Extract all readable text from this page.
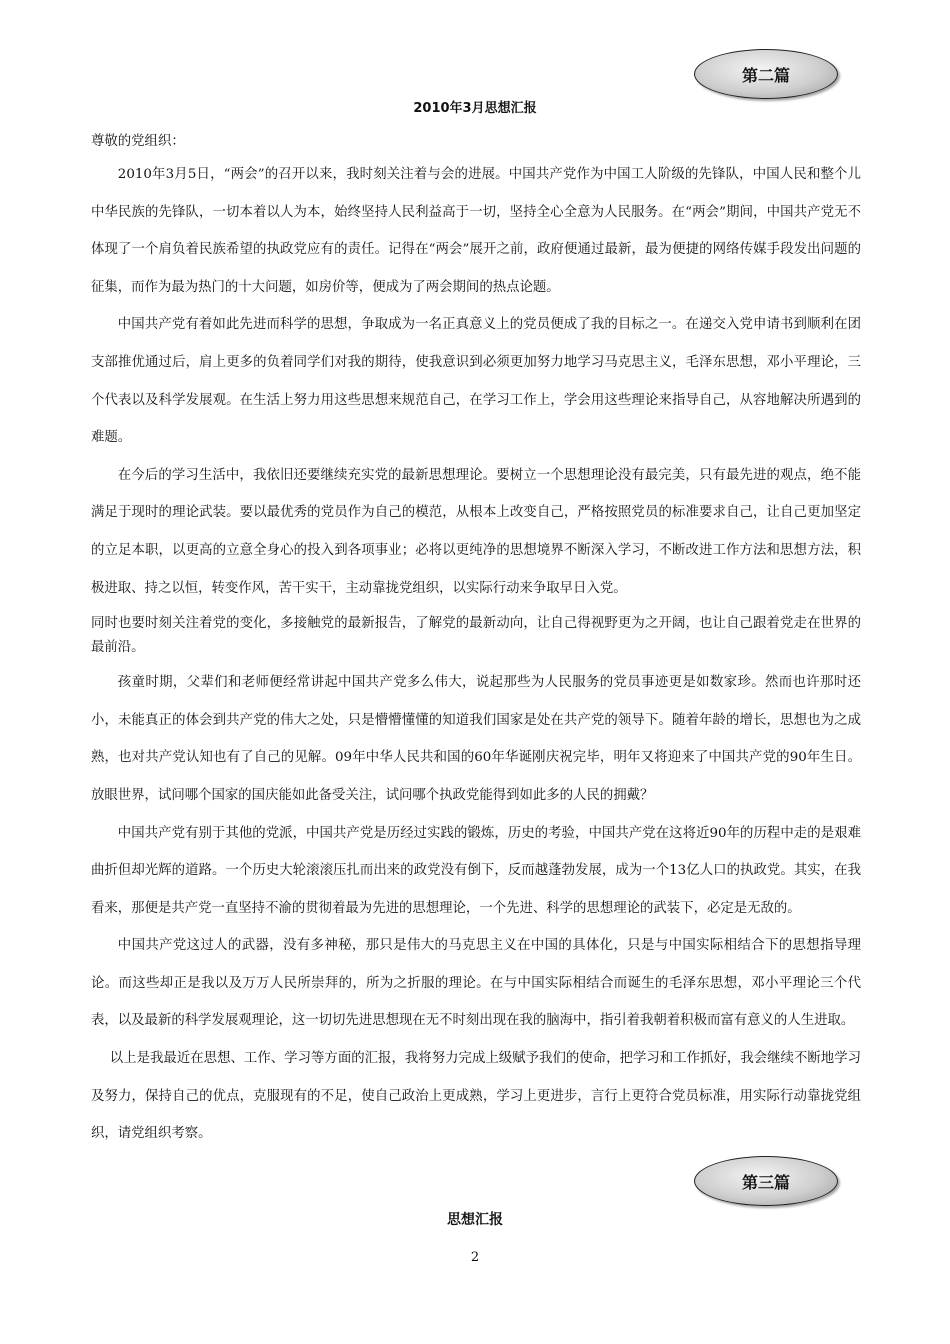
第二篇
2010年3月思想汇报

尊敬的党组织：

2010年3月5日，“两会”的召开以来，我时刻关注着与会的进展。中国共产党作为中国工人阶级的先锋队，中国人民和整个儿中华民族的先锋队，一切本着以人为本，始终坚持人民利益高于一切，坚持全心全意为人民服务。在“两会”期间，中国共产党无不体现了一个肩负着民族希望的执政党应有的责任。记得在“两会”展开之前，政府便通过最新，最为便捷的网络传媒手段发出问题的征集，而作为最为热门的十大问题，如房价等，便成为了两会期间的热点论题。

中国共产党有着如此先进而科学的思想，争取成为一名正真意义上的党员便成了我的目标之一。在递交入党申请书到顺利在团支部推优通过后，肩上更多的负着同学们对我的期待，使我意识到必须更加努力地学习马克思主义，毛泽东思想，邓小平理论，三个代表以及科学发展观。在生活上努力用这些思想来规范自己，在学习工作上，学会用这些理论来指导自己，从容地解决所遇到的难题。

在今后的学习生活中，我依旧还要继续充实党的最新思想理论。要树立一个思想理论没有最完美，只有最先进的观点，绝不能满足于现时的理论武装。要以最优秀的党员作为自己的模范，从根本上改变自己，严格按照党员的标准要求自己，让自己更加坚定的立足本职，以更高的立意全身心的投入到各项事业；必将以更纯净的思想境界不断深入学习，不断改进工作方法和思想方法，积极进取、持之以恒，转变作风，苦干实干，主动靠拢党组织，以实际行动来争取早日入党。

同时也要时刻关注着党的变化，多接触党的最新报告，了解党的最新动向，让自己得视野更为之开阔，也让自己跟着党走在世界的最前沿。

孩童时期，父辈们和老师便经常讲起中国共产党多么伟大，说起那些为人民服务的党员事迹更是如数家珍。然而也许那时还小，未能真正的体会到共产党的伟大之处，只是懵懵懂懂的知道我们国家是处在共产党的领导下。随着年龄的增长，思想也为之成熟，也对共产党认知也有了自己的见解。09年中华人民共和国的60年华诞刚庆祝完毕，明年又将迎来了中国共产党的90年生日。放眼世界，试问哪个国家的国庆能如此备受关注，试问哪个执政党能得到如此多的人民的拥戴？

中国共产党有别于其他的党派，中国共产党是历经过实践的锻炼，历史的考验，中国共产党在这将近90年的历程中走的是艰难曲折但却光辉的道路。一个历史大轮滚滚压扎而出来的政党没有倒下，反而越蓬勃发展，成为一个13亿人口的执政党。其实，在我看来，那便是共产党一直坚持不渝的贯彻着最为先进的思想理论，一个先进、科学的思想理论的武装下，必定是无敌的。

中国共产党这过人的武器，没有多神秘，那只是伟大的马克思主义在中国的具体化，只是与中国实际相结合下的思想指导理论。而这些却正是我以及万万人民所崇拜的，所为之折服的理论。在与中国实际相结合而诞生的毛泽东思想，邓小平理论三个代表，以及最新的科学发展观理论，这一切切先进思想现在无不时刻出现在我的脑海中，指引着我朝着积极而富有意义的人生进取。

以上是我最近在思想、工作、学习等方面的汇报，我将努力完成上级赋予我们的使命，把学习和工作抓好，我会继续不断地学习及努力，保持自己的优点，克服现有的不足，使自己政治上更成熟，学习上更进步，言行上更符合党员标准，用实际行动靠拢党组织，请党组织考察。

第三篇
思想汇报
2
